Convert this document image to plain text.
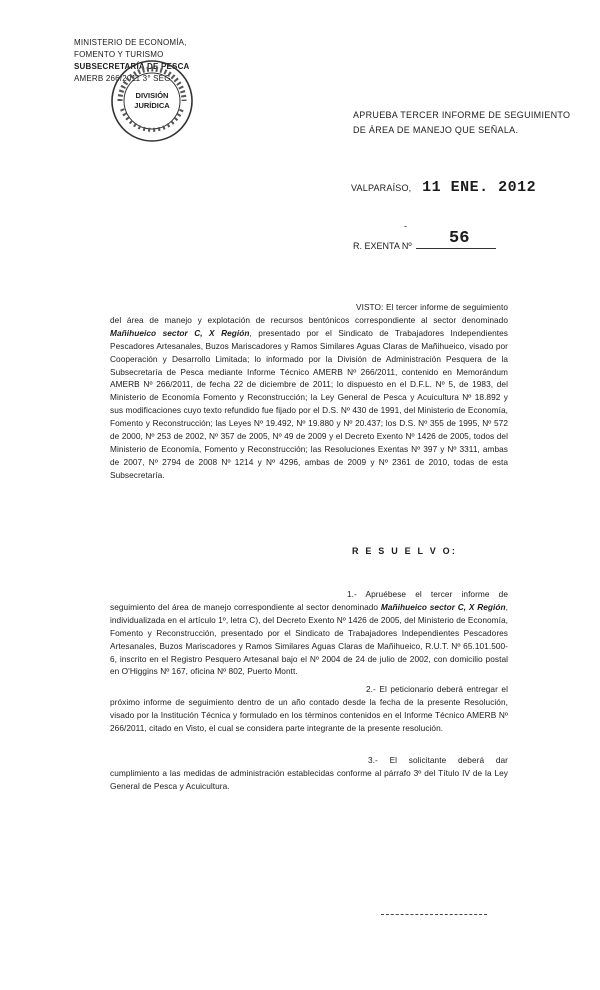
MINISTERIO DE ECONOMÍA,
FOMENTO Y TURISMO
SUBSECRETARÍA DE PESCA
AMERB 266/2011 3° SEG
DIVISIÓN
JURÍDICA
APRUEBA TERCER INFORME DE SEGUIMIENTO
DE ÁREA DE MANEJO QUE SEÑALA.
VALPARAÍSO, 11 ENE. 2012
-
R. EXENTA Nº	56
VISTO: El tercer informe de seguimiento del área de manejo y explotación de recursos bentónicos correspondiente al sector denominado Mañihueico sector C, X Región, presentado por el Sindicato de Trabajadores Independientes Pescadores Artesanales, Buzos Mariscadores y Ramos Similares Aguas Claras de Mañihueico, visado por Cooperación y Desarrollo Limitada; lo informado por la División de Administración Pesquera de la Subsecretaría de Pesca mediante Informe Técnico AMERB Nº 266/2011, contenido en Memorándum AMERB Nº 266/2011, de fecha 22 de diciembre de 2011; lo dispuesto en el D.F.L. Nº 5, de 1983, del Ministerio de Economía Fomento y Reconstrucción; la Ley General de Pesca y Acuicultura Nº 18.892 y sus modificaciones cuyo texto refundido fue fijado por el D.S. Nº 430 de 1991, del Ministerio de Economía, Fomento y Reconstrucción; las Leyes Nº 19.492, Nº 19.880 y Nº 20.437; los D.S. Nº 355 de 1995, Nº 572 de 2000, Nº 253 de 2002, Nº 357 de 2005, Nº 49 de 2009 y el Decreto Exento Nº 1426 de 2005, todos del Ministerio de Economía, Fomento y Reconstrucción; las Resoluciones Exentas Nº 397 y Nº 3311, ambas de 2007, Nº 2794 de 2008 Nº 1214 y Nº 4296, ambas de 2009 y Nº 2361 de 2010, todas de esta Subsecretaría.
R E S U E L V O:
1.- Apruébese el tercer informe de seguimiento del área de manejo correspondiente al sector denominado Mañihueico sector C, X Región, individualizada en el artículo 1º, letra C), del Decreto Exento Nº 1426 de 2005, del Ministerio de Economía, Fomento y Reconstrucción, presentado por el Sindicato de Trabajadores Independientes Pescadores Artesanales, Buzos Mariscadores y Ramos Similares Aguas Claras de Mañihueico, R.U.T. Nº 65.101.500-6, inscrito en el Registro Pesquero Artesanal bajo el Nº 2004 de 24 de julio de 2002, con domicilio postal en O'Higgins Nº 167, oficina Nº 802, Puerto Montt.
2.- El peticionario deberá entregar el próximo informe de seguimiento dentro de un año contado desde la fecha de la presente Resolución, visado por la Institución Técnica y formulado en los términos contenidos en el Informe Técnico AMERB Nº 266/2011, citado en Visto, el cual se considera parte integrante de la presente resolución.
3.- El solicitante deberá dar cumplimiento a las medidas de administración establecidas conforme al párrafo 3º del Título IV de la Ley General de Pesca y Acuicultura.
